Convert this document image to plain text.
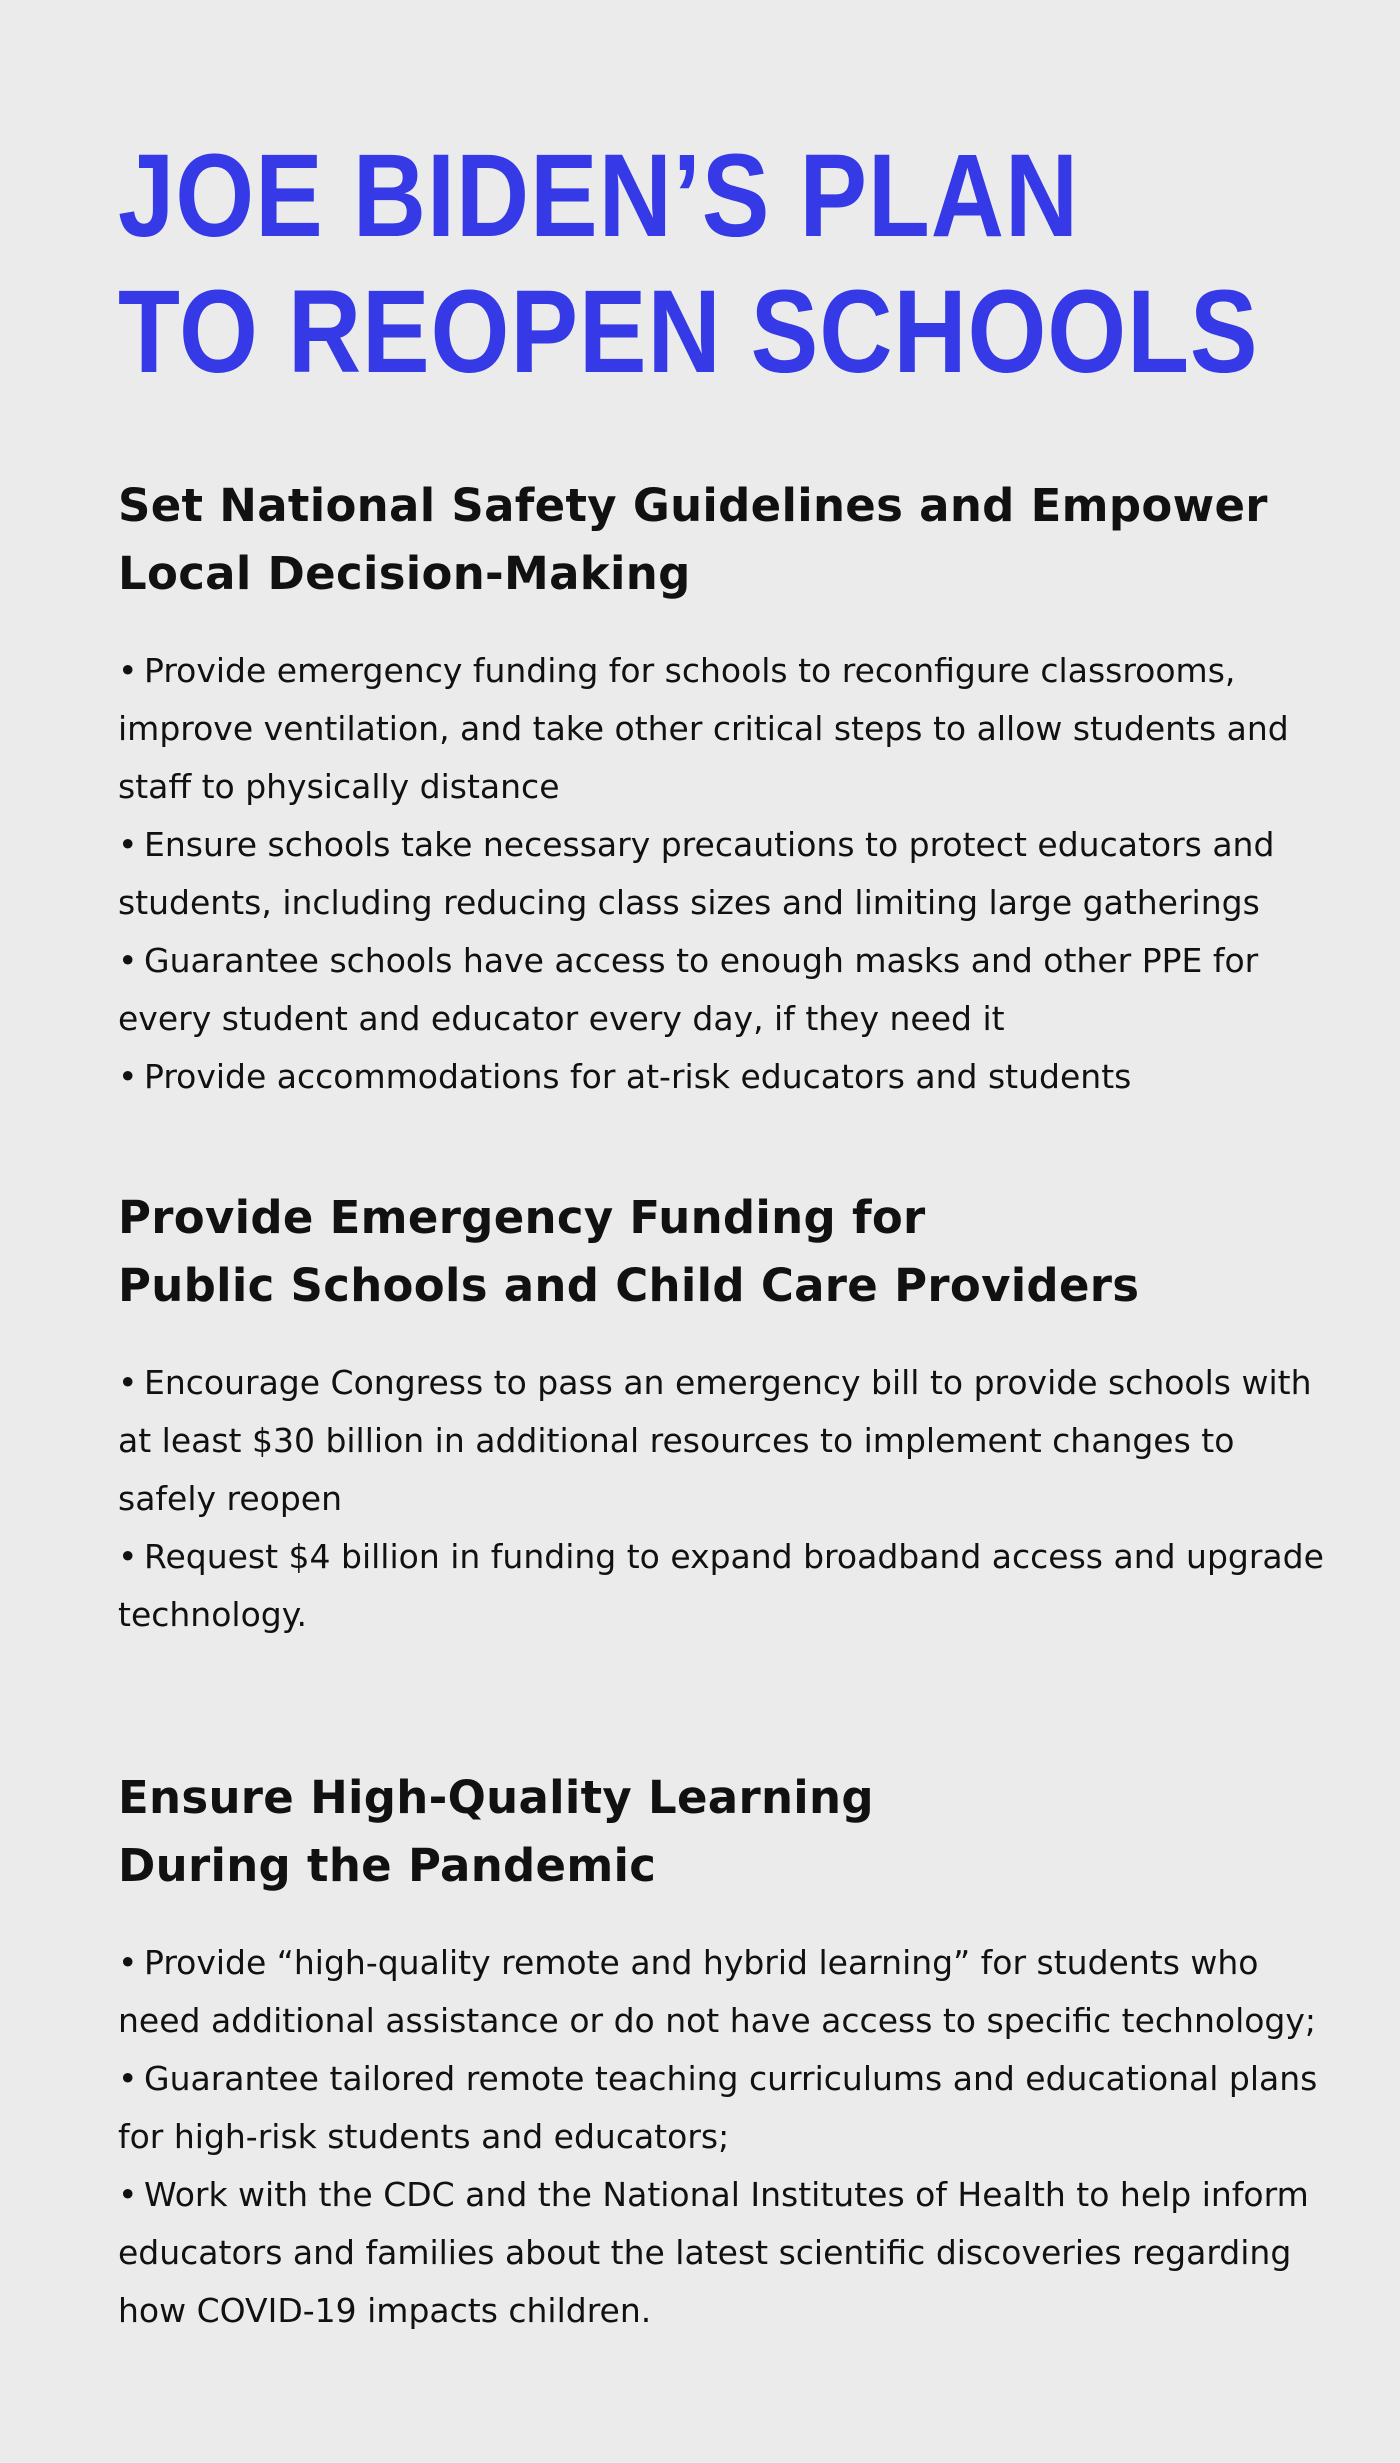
JOE BIDEN’S PLAN
TO REOPEN SCHOOLS
Set National Safety Guidelines and Empower
Local Decision-Making
• Provide emergency funding for schools to reconfigure classrooms, improve ventilation, and take other critical steps to allow students and staff to physically distance
• Ensure schools take necessary precautions to protect educators and students, including reducing class sizes and limiting large gatherings
• Guarantee schools have access to enough masks and other PPE for every student and educator every day, if they need it
• Provide accommodations for at-risk educators and students
Provide Emergency Funding for
Public Schools and Child Care Providers
• Encourage Congress to pass an emergency bill to provide schools with at least $30 billion in additional resources to implement changes to safely reopen
• Request $4 billion in funding to expand broadband access and upgrade technology.
Ensure High-Quality Learning
During the Pandemic
• Provide “high-quality remote and hybrid learning” for students who need additional assistance or do not have access to specific technology;
• Guarantee tailored remote teaching curriculums and educational plans for high-risk students and educators;
• Work with the CDC and the National Institutes of Health to help inform educators and families about the latest scientific discoveries regarding how COVID-19 impacts children.
